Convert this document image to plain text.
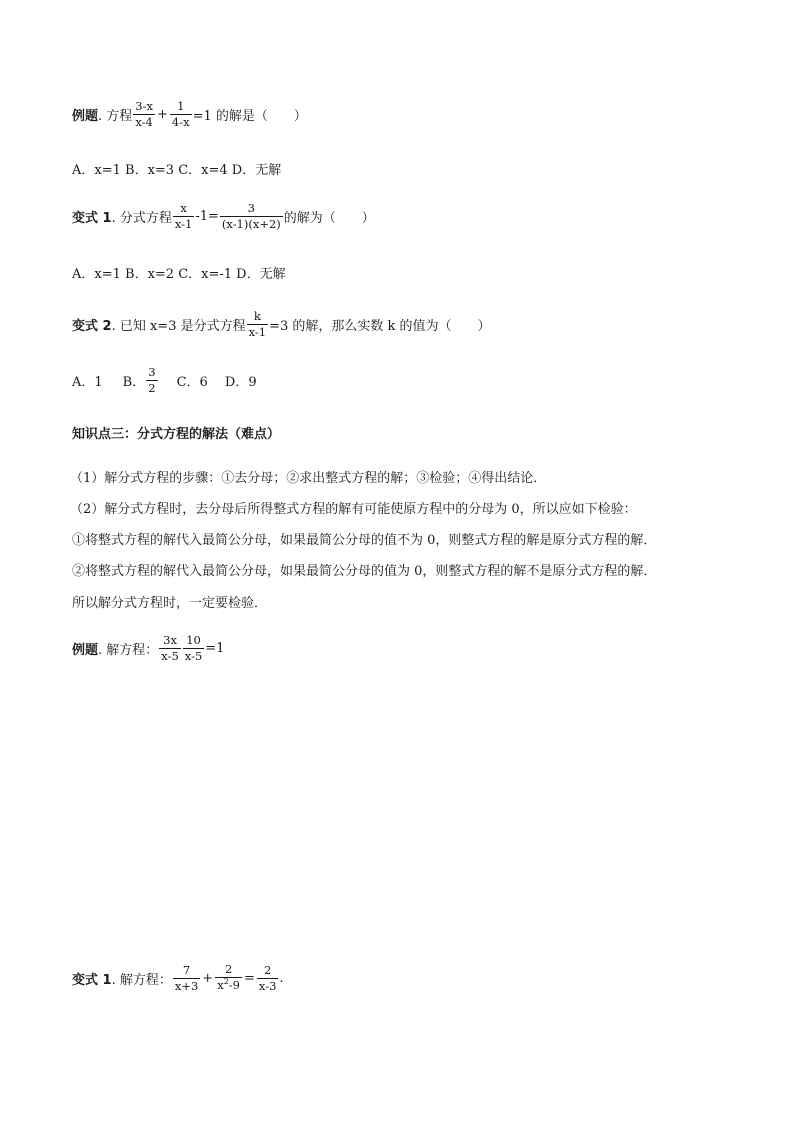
例题 . 方程 $\frac{3-x}{x-4} + \frac{1}{4-x} =1$ 的解是（　　）
A．x=1 B．x=3 C．x=4 D．无解
变式 1 . 分式方程 $\frac{x}{x-1} -1= \frac{3}{(x-1)(x+2)}$ 的解为（　　）
A．x=1 B．x=2 C．x=-1 D．无解
变式 2 . 已知 x=3 是分式方程 $\frac{k}{x-1} =3$ 的解，那么实数 k 的值为（　　）
A．1 B． $\frac{3}{2}$ C．6　 D．9
知识点三：分式方程的解法（难点）
（1）解分式方程的步骤：①去分母；②求出整式方程的解；③检验；④得出结论．
（2）解分式方程时，去分母后所得整式方程的解有可能使原方程中的分母为 0，所以应如下检验：
①将整式方程的解代入最简公分母，如果最简公分母的值不为 0，则整式方程的解是原分式方程的解．
②将整式方程的解代入最简公分母，如果最简公分母的值为 0，则整式方程的解不是原分式方程的解．
所以解分式方程时，一定要检验．
例题 . 解方程： $\frac{3x}{x-5} \frac{10}{x-5} =1$
变式 1 . 解方程： $\frac{7}{x+3} + \frac{2}{x^2-9} = \frac{2}{x-3}$ .
